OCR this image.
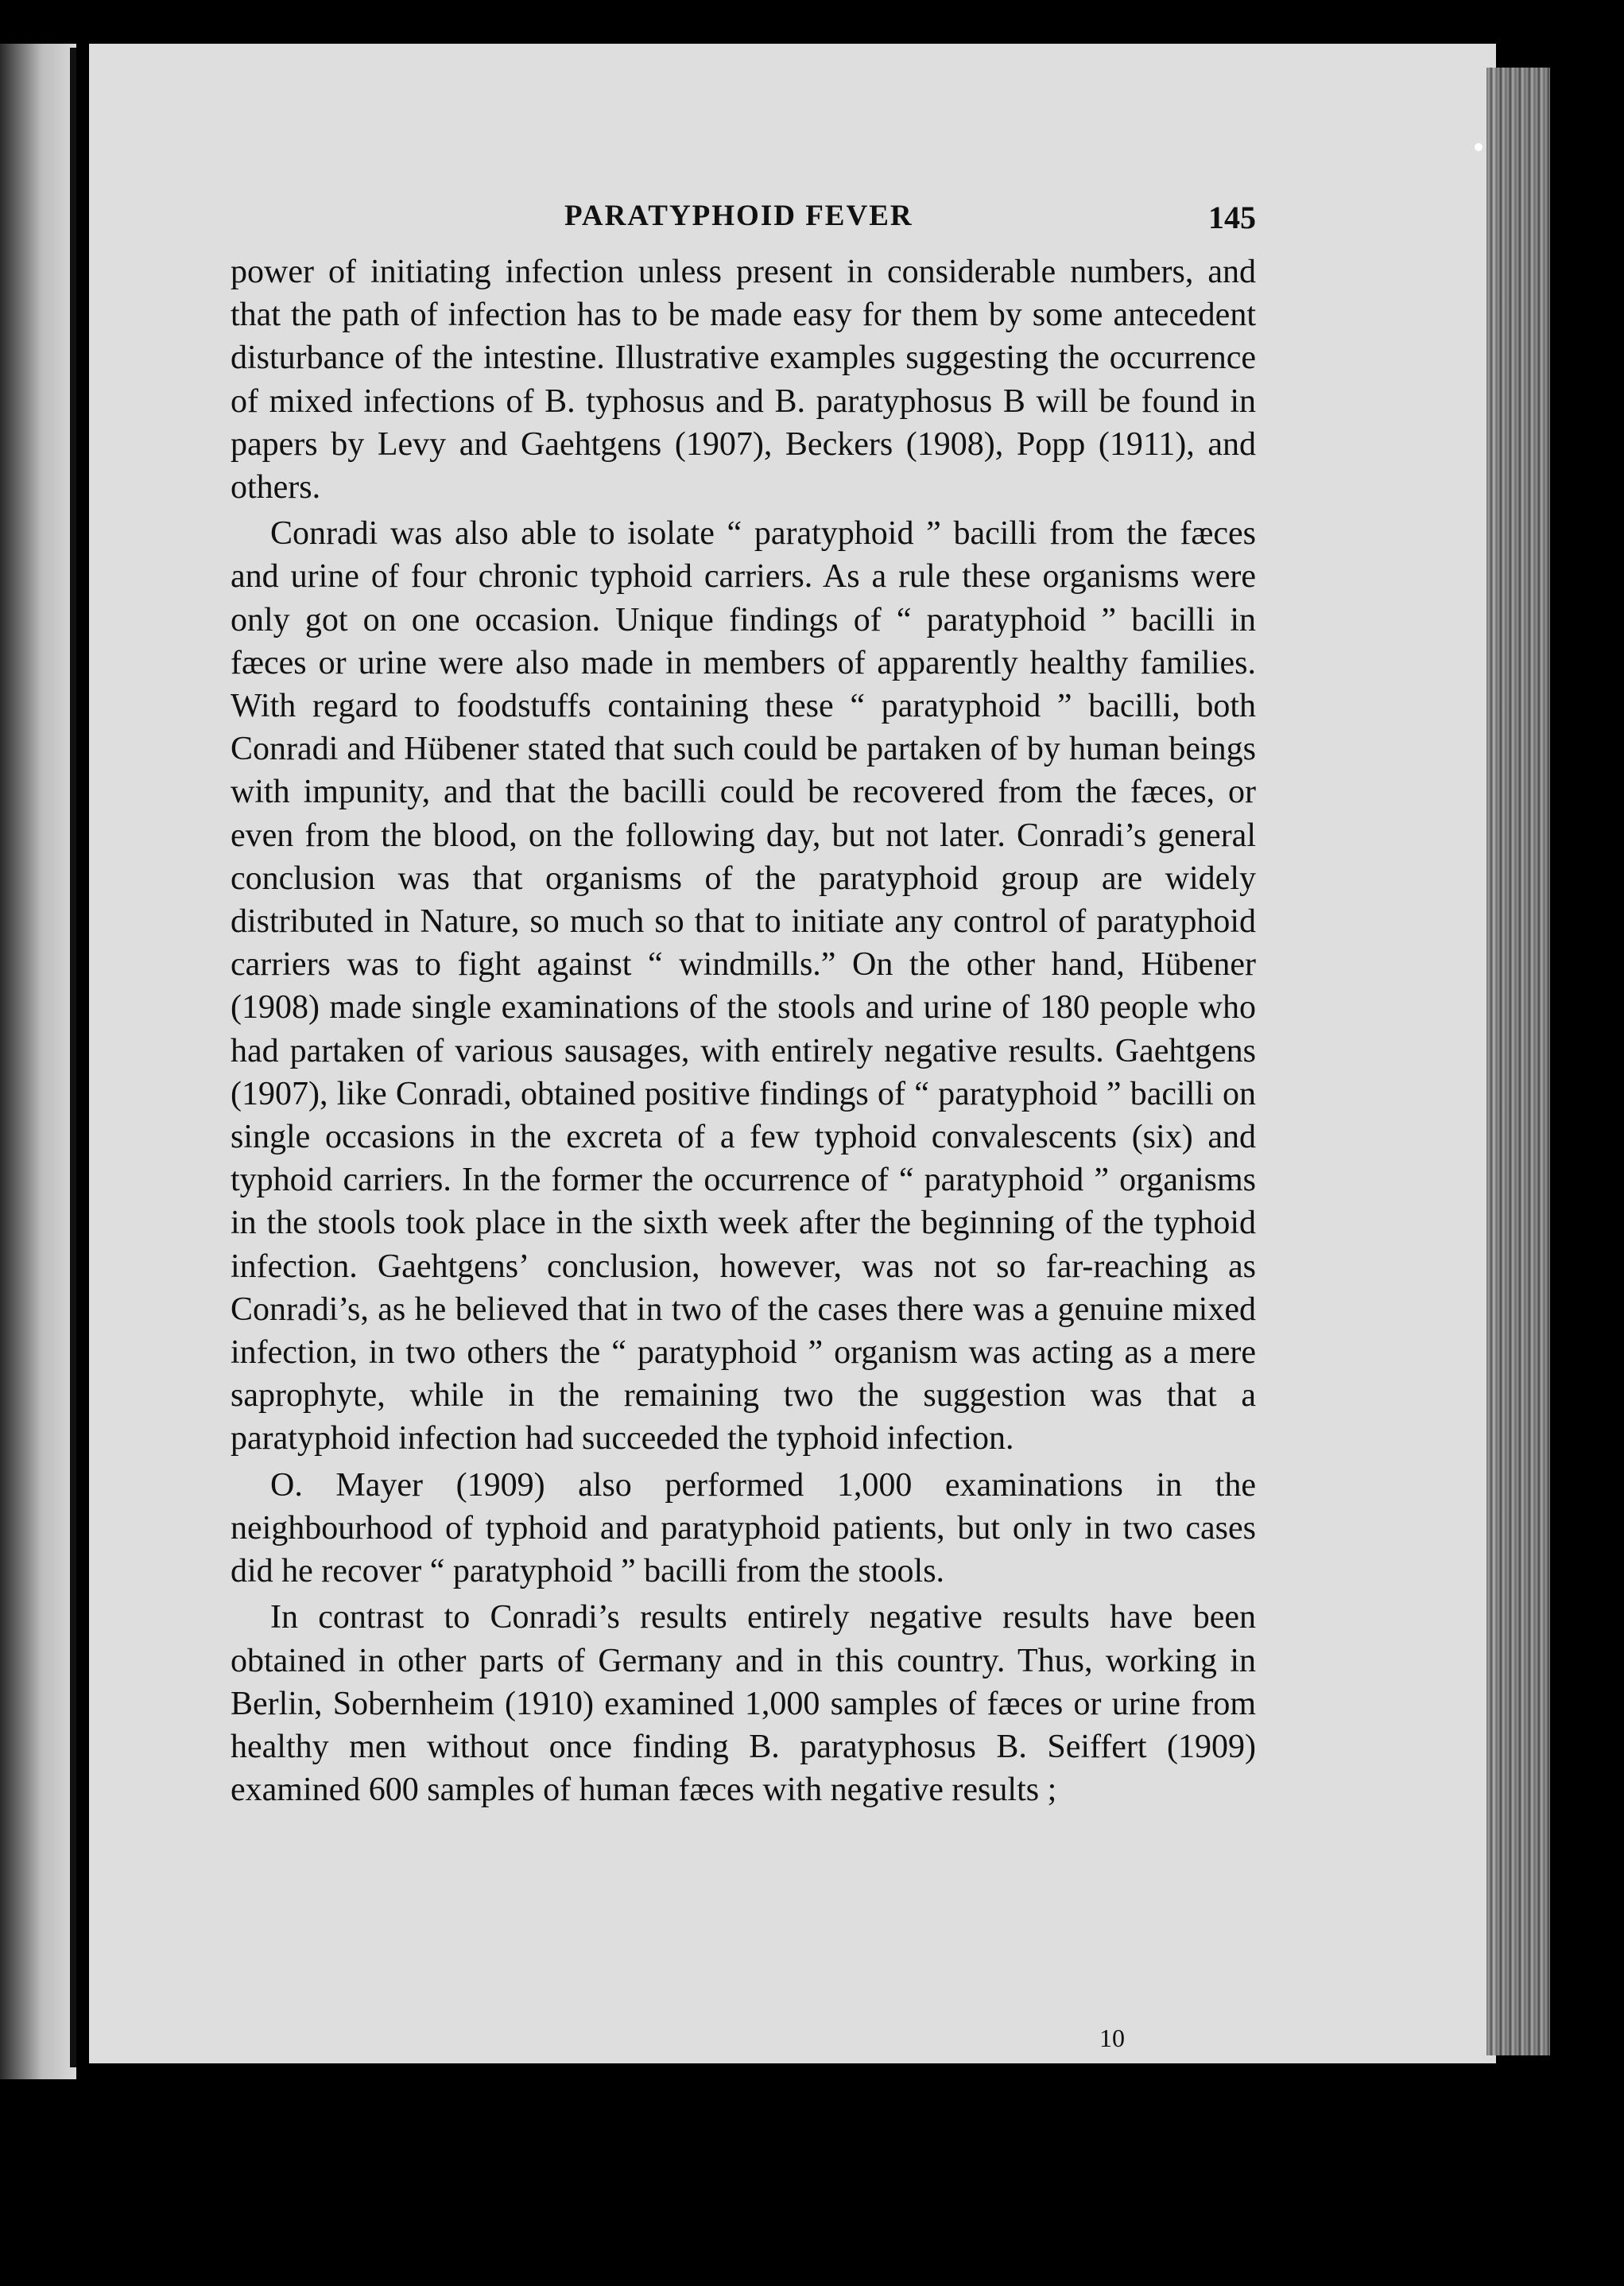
PARATYPHOID FEVER	145

power of initiating infection unless present in considerable numbers, and that the path of infection has to be made easy for them by some antecedent disturbance of the intestine. Illustrative examples suggesting the occurrence of mixed infections of B. typhosus and B. paratyphosus B will be found in papers by Levy and Gaehtgens (1907), Beckers (1908), Popp (1911), and others.

Conradi was also able to isolate “ paratyphoid ” bacilli from the fæces and urine of four chronic typhoid carriers. As a rule these organisms were only got on one occasion. Unique findings of “ paratyphoid ” bacilli in fæces or urine were also made in members of apparently healthy families. With regard to foodstuffs containing these “ paratyphoid ” bacilli, both Conradi and Hübener stated that such could be partaken of by human beings with impunity, and that the bacilli could be recovered from the fæces, or even from the blood, on the following day, but not later. Conradi’s general conclusion was that organisms of the paratyphoid group are widely distributed in Nature, so much so that to initiate any control of paratyphoid carriers was to fight against “ windmills.” On the other hand, Hübener (1908) made single examinations of the stools and urine of 180 people who had partaken of various sausages, with entirely negative results. Gaehtgens (1907), like Conradi, obtained positive findings of “ paratyphoid ” bacilli on single occasions in the excreta of a few typhoid convalescents (six) and typhoid carriers. In the former the occurrence of “ paratyphoid ” organisms in the stools took place in the sixth week after the beginning of the typhoid infection. Gaehtgens’ conclusion, however, was not so far-reaching as Conradi’s, as he believed that in two of the cases there was a genuine mixed infection, in two others the “ paratyphoid ” organism was acting as a mere saprophyte, while in the remaining two the suggestion was that a paratyphoid infection had succeeded the typhoid infection.

O. Mayer (1909) also performed 1,000 examinations in the neighbourhood of typhoid and paratyphoid patients, but only in two cases did he recover “ paratyphoid ” bacilli from the stools.

In contrast to Conradi’s results entirely negative results have been obtained in other parts of Germany and in this country. Thus, working in Berlin, Sobernheim (1910) examined 1,000 samples of fæces or urine from healthy men without once finding B. paratyphosus B. Seiffert (1909) examined 600 samples of human fæces with negative results ;

10
